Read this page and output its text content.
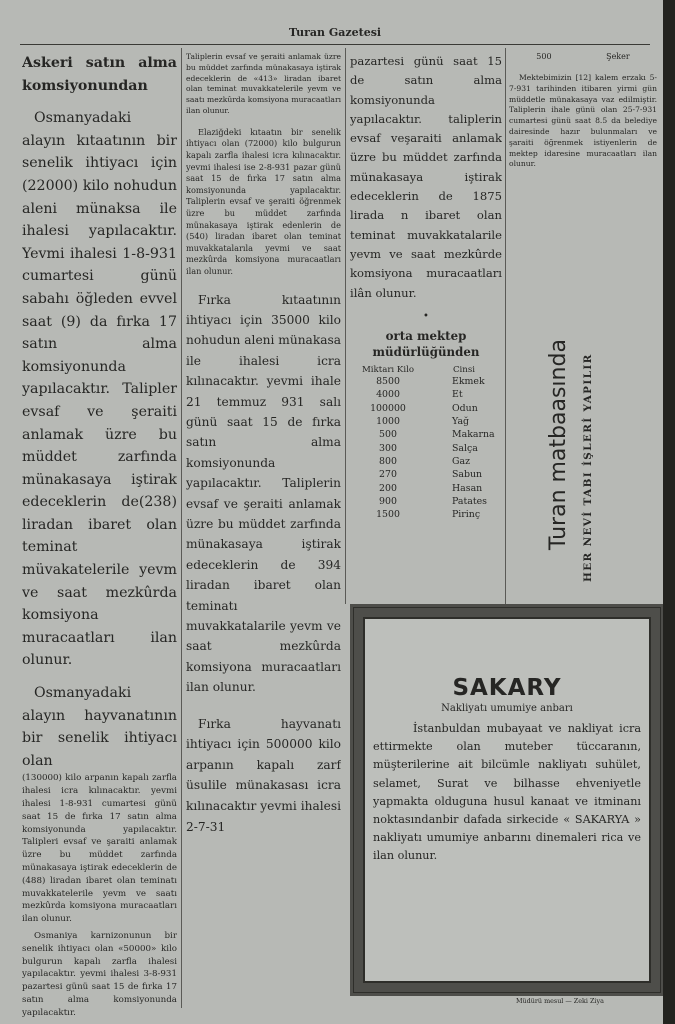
Turan Gazetesi

Askeri satın alma komsiyonundan

Osmanyadaki alayın kıtaatının bir senelik ihtiyacı için (22000) kilo nohudun aleni münaksa ile ihalesi yapılacaktır. Yevmi ihalesi 1-8-931 cumartesi günü sabahı öğleden evvel saat (9) da fırka 17 satın alma komsiyonunda yapılacaktır. Talipler evsaf ve şeraiti anlamak üzre bu müddet zarfında münakasaya iştirak edeceklerin de(238) liradan ibaret olan teminat müvakatelerile yevm ve saat mezkûrda komsiyona muracaatları ilan olunur.

Osmanyadaki alayın hayvanatının bir senelik ihtiyacı olan

(130000) kilo arpanın kapalı zarfla ihalesi icra kılınacaktır. yevmi ihalesi 1-8-931 cumartesi günü saat 15 de fırka 17 satın alma komsiyonunda yapılacaktır. Talipleri evsaf ve şaraiti anlamak üzre bu müddet zarfında münakasaya iştirak edeceklerin de (488) liradan ibaret olan teminatı muvakkatelerile yevm ve saatı mezkûrda komsiyona muracaatları ilan olunur.

Osmaniya karnizonunun bir senelik ihtiyacı olan «50000» kilo bulgurun kapalı zarfla ihalesi yapılacaktır. yevmi ihalesi 3-8-931 pazartesi günü saat 15 de fırka 17 satın alma komsiyonunda yapılacaktır.

Taliplerin evsaf ve şeraiti anlamak üzre bu müddet zarfında münakasaya iştirak edeceklerin de «413» liradan ibaret olan teminat muvakkatelerile yevm ve saatı mezkûrda komsiyona muracaatları ilan olunur.

Elaziğdeki kıtaatın bir senelik ihtiyacı olan (72000) kilo bulgurun kapalı zarfla ihalesi icra kılınacaktır. yevmi ihalesi ise 2-8-931 pazar günü saat 15 de fırka 17 satın alma komsiyonunda yapılacaktır. Taliplerin evsaf ve şeraiti öğrenmek üzre bu müddet zarfında münakasaya iştirak edenlerin de (540) liradan ibaret olan teminat muvakkatalarıla yevmi ve saat mezkûrda komsiyona muracaatları ilan olunur.

Fırka kıtaatının ihtiyacı için 35000 kilo nohudun aleni münakasa ile ihalesi icra kılınacaktır. yevmi ihale 21 temmuz 931 salı günü saat 15 de fırka satın alma komsiyonunda yapılacaktır. Taliplerin evsaf ve şeraiti anlamak üzre bu müddet zarfında münakasaya iştirak edeceklerin de 394 liradan ibaret olan teminatı muvakkatalarile yevm ve saat mezkûrda komsiyona muracaatları ilan olunur.

Fırka hayvanatı ihtiyacı için 500000 kilo arpanın kapalı zarf üsulile münakasası icra kılınacaktır yevmi ihalesi 2-7-31

pazartesi günü saat 15 de satın alma komsiyonunda yapılacaktır. taliplerin evsaf veşaraiti anlamak üzre bu müddet zarfında münakasaya iştirak edeceklerin de 1875 lirada n ibaret olan teminat muvakkatalarile yevm ve saat mezkûrde komsiyona muracaatları ilân olunur.

•

orta mektep müdürlüğünden

Miktarı Kilo	Cinsi
8500	Ekmek
4000	Et
100000	Odun
1000	Yağ
500	Makarna
300	Salça
800	Gaz
270	Sabun
200	Hasan
900	Patates
1500	Pirinç
500	Şeker

Mektebimizin [12] kalem erzakı 5-7-931 tarihinden itibaren yirmi gün müddetle münakasaya vaz edilmiştir. Taliplerin ihale günü olan 25-7-931 cumartesi günü saat 8.5 da belediye dairesinde hazır bulunmaları ve şaraiti öğrenmek istiyenlerin de mektep idaresine muracaatları ilan olunur.

Turan matbaasında HER NEVİ TABI İŞLERİ YAPILIR

SAKARY

Nakliyatı umumiye anbarı

İstanbuldan mubayaat ve nakliyat icra ettirmekte olan muteber tüccaranın, müşterilerine ait bilcümle nakliyatı suhület, selamet, Surat ve bilhasse ehveniyetle yapmakta olduguna husul kanaat ve itminanı noktasındanbir dafada sirkecide « SAKARYA » nakliyatı umumiye anbarını dinemaleri rica ve ilan olunur.

Müdürü mesul — Zeki Ziya
